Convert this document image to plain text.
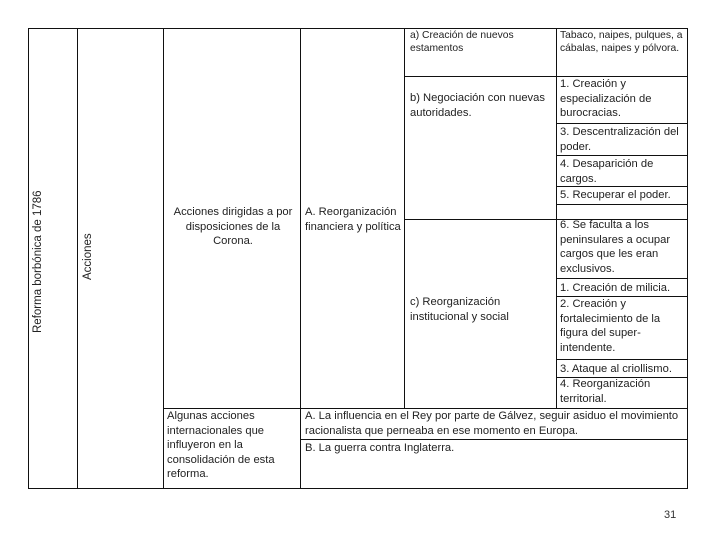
Reforma borbónica de 1786	Acciones
Acciones dirigidas a por disposiciones de la Corona.
A. Reorganización financiera y política
a) Creación de nuevos estamentos
Tabaco, naipes, pulques, a cábalas, naipes y pólvora.
b) Negociación con nuevas autoridades.
1. Creación y especialización de burocracias.
3. Descentralización del poder.
4. Desaparición de cargos.
5. Recuperar el poder.
6. Se faculta a los peninsulares a ocupar cargos que les eran exclusivos.
c) Reorganización institucional y social
1. Creación de milicia.
2. Creación y fortalecimiento de la figura del super-intendente.
3. Ataque al criollismo.
4. Reorganización territorial.
Algunas acciones internacionales que influyeron en la consolidación de esta reforma.
A. La influencia en el Rey por parte de Gálvez, seguir asiduo el movimiento racionalista que perneaba en ese momento en Europa.
B. La guerra contra Inglaterra.
31
